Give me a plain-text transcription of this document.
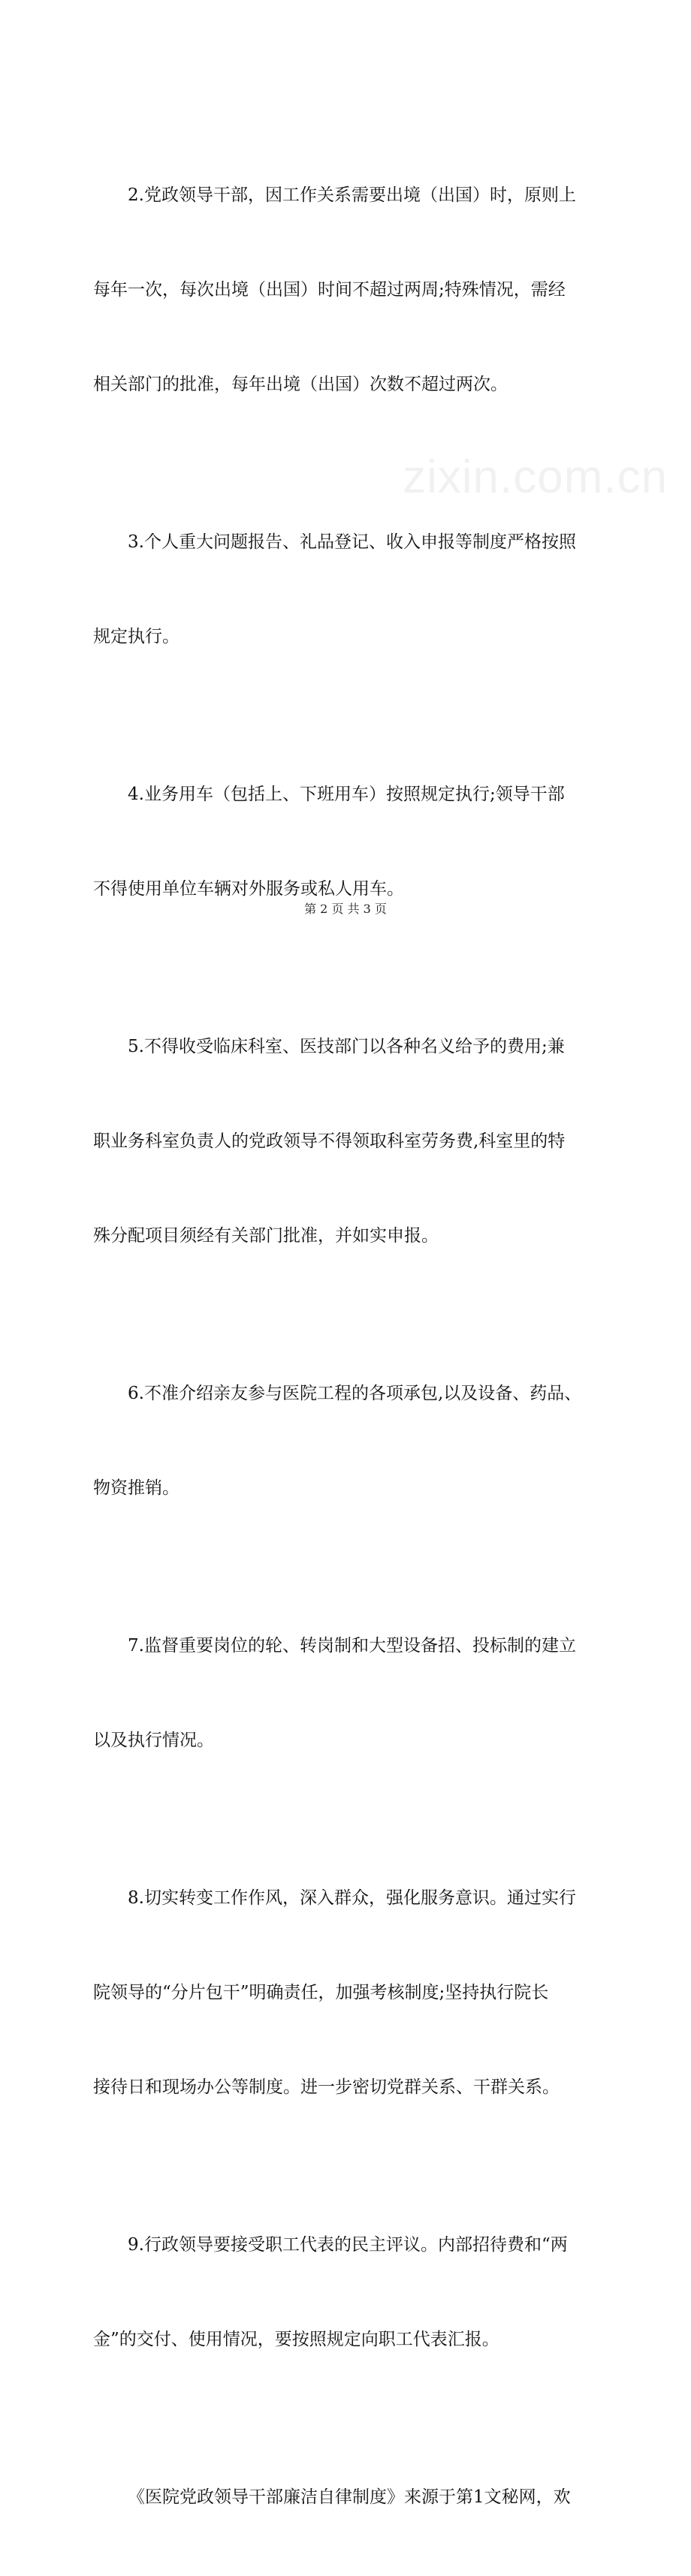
2.党政领导干部，因工作关系需要出境（出国）时，原则上

每年一次，每次出境（出国）时间不超过两周;特殊情况，需经

相关部门的批准，每年出境（出国）次数不超过两次。

3.个人重大问题报告、礼品登记、收入申报等制度严格按照

规定执行。

4.业务用车（包括上、下班用车）按照规定执行;领导干部

不得使用单位车辆对外服务或私人用车。

5.不得收受临床科室、医技部门以各种名义给予的费用;兼

职业务科室负责人的党政领导不得领取科室劳务费,科室里的特

殊分配项目须经有关部门批准，并如实申报。

6.不准介绍亲友参与医院工程的各项承包,以及设备、药品、

物资推销。

7.监督重要岗位的轮、转岗制和大型设备招、投标制的建立

以及执行情况。

8.切实转变工作作风，深入群众，强化服务意识。通过实行

院领导的“分片包干”明确责任，加强考核制度;坚持执行院长

接待日和现场办公等制度。进一步密切党群关系、干群关系。

9.行政领导要接受职工代表的民主评议。内部招待费和“两

金”的交付、使用情况，要按照规定向职工代表汇报。

《医院党政领导干部廉洁自律制度》来源于第1文秘网，欢

zixin.com.cn
第 2 页 共 3 页
